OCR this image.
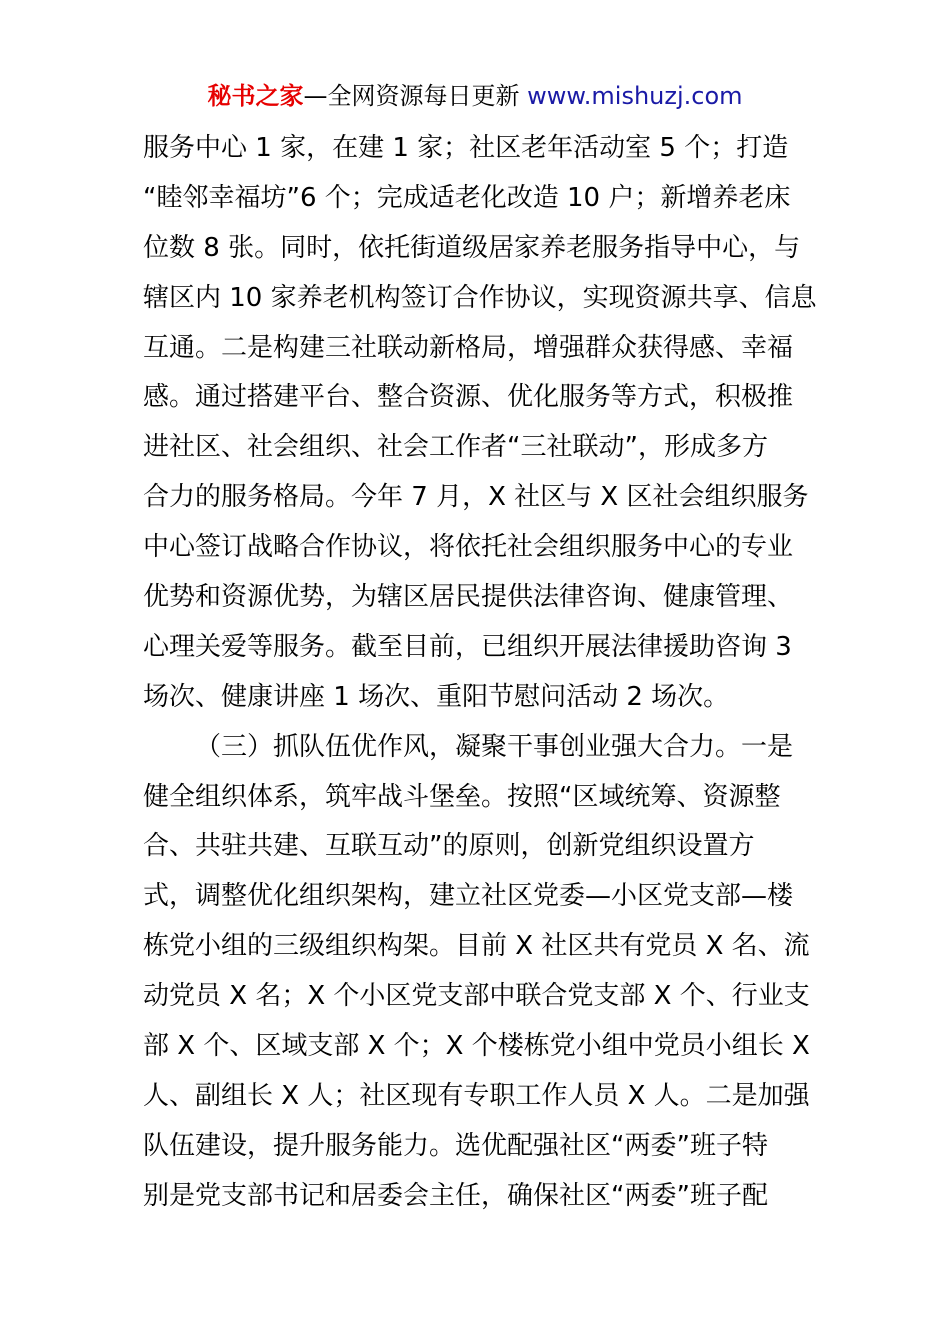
秘书之家—全网资源每日更新 www.mishuzj.com
服务中心 1 家，在建 1 家；社区老年活动室 5 个；打造
“睦邻幸福坊”6 个；完成适老化改造 10 户；新增养老床
位数 8 张。同时，依托街道级居家养老服务指导中心，与
辖区内 10 家养老机构签订合作协议，实现资源共享、信息
互通。二是构建三社联动新格局，增强群众获得感、幸福
感。通过搭建平台、整合资源、优化服务等方式，积极推
进社区、社会组织、社会工作者“三社联动”，形成多方
合力的服务格局。今年 7 月，X 社区与 X 区社会组织服务
中心签订战略合作协议，将依托社会组织服务中心的专业
优势和资源优势，为辖区居民提供法律咨询、健康管理、
心理关爱等服务。截至目前，已组织开展法律援助咨询 3
场次、健康讲座 1 场次、重阳节慰问活动 2 场次。
（三）抓队伍优作风，凝聚干事创业强大合力。一是
健全组织体系，筑牢战斗堡垒。按照“区域统筹、资源整
合、共驻共建、互联互动”的原则，创新党组织设置方
式，调整优化组织架构，建立社区党委—小区党支部—楼
栋党小组的三级组织构架。目前 X 社区共有党员 X 名、流
动党员 X 名；X 个小区党支部中联合党支部 X 个、行业支
部 X 个、区域支部 X 个；X 个楼栋党小组中党员小组长 X
人、副组长 X 人；社区现有专职工作人员 X 人。二是加强
队伍建设，提升服务能力。选优配强社区“两委”班子特
别是党支部书记和居委会主任，确保社区“两委”班子配
